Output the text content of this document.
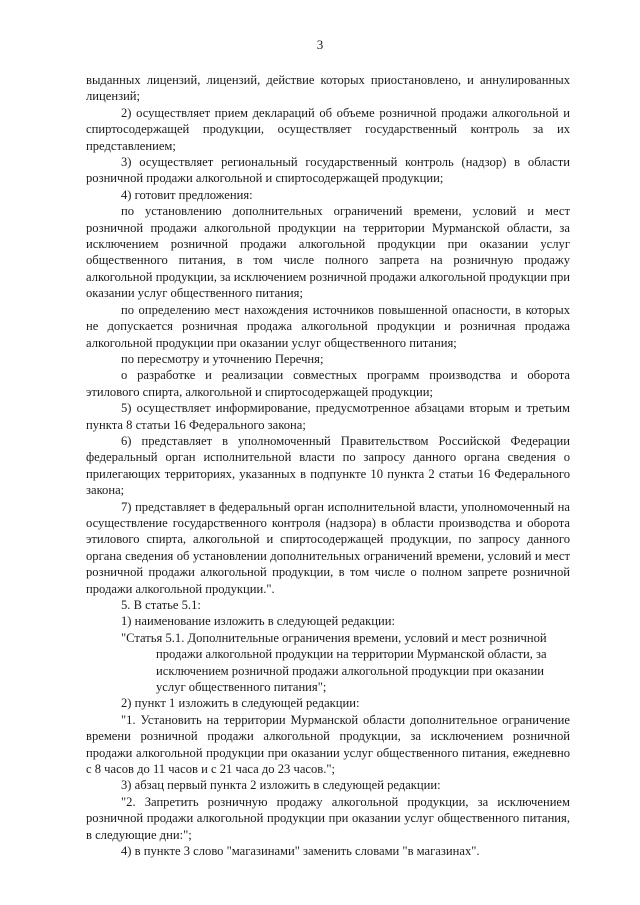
3

выданных лицензий, лицензий, действие которых приостановлено, и аннулированных лицензий;

2) осуществляет прием деклараций об объеме розничной продажи алкогольной и спиртосодержащей продукции, осуществляет государственный контроль за их представлением;

3) осуществляет региональный государственный контроль (надзор) в области розничной продажи алкогольной и спиртосодержащей продукции;

4) готовит предложения:

по установлению дополнительных ограничений времени, условий и мест розничной продажи алкогольной продукции на территории Мурманской области, за исключением розничной продажи алкогольной продукции при оказании услуг общественного питания, в том числе полного запрета на розничную продажу алкогольной продукции, за исключением розничной продажи алкогольной продукции при оказании услуг общественного питания;

по определению мест нахождения источников повышенной опасности, в которых не допускается розничная продажа алкогольной продукции и розничная продажа алкогольной продукции при оказании услуг общественного питания;

по пересмотру и уточнению Перечня;

о разработке и реализации совместных программ производства и оборота этилового спирта, алкогольной и спиртосодержащей продукции;

5) осуществляет информирование, предусмотренное абзацами вторым и третьим пункта 8 статьи 16 Федерального закона;

6) представляет в уполномоченный Правительством Российской Федерации федеральный орган исполнительной власти по запросу данного органа сведения о прилегающих территориях, указанных в подпункте 10 пункта 2 статьи 16 Федерального закона;

7) представляет в федеральный орган исполнительной власти, уполномоченный на осуществление государственного контроля (надзора) в области производства и оборота этилового спирта, алкогольной и спиртосодержащей продукции, по запросу данного органа сведения об установлении дополнительных ограничений времени, условий и мест розничной продажи алкогольной продукции, в том числе о полном запрете розничной продажи алкогольной продукции.".

5. В статье 5.1:

1) наименование изложить в следующей редакции:

"Статья 5.1. Дополнительные ограничения времени, условий и мест розничной продажи алкогольной продукции на территории Мурманской области, за исключением розничной продажи алкогольной продукции при оказании услуг общественного питания";

2) пункт 1 изложить в следующей редакции:

"1. Установить на территории Мурманской области дополнительное ограничение времени розничной продажи алкогольной продукции, за исключением розничной продажи алкогольной продукции при оказании услуг общественного питания, ежедневно с 8 часов до 11 часов и с 21 часа до 23 часов.";

3) абзац первый пункта 2 изложить в следующей редакции:

"2. Запретить розничную продажу алкогольной продукции, за исключением розничной продажи алкогольной продукции при оказании услуг общественного питания, в следующие дни:";

4) в пункте 3 слово "магазинами" заменить словами "в магазинах".
